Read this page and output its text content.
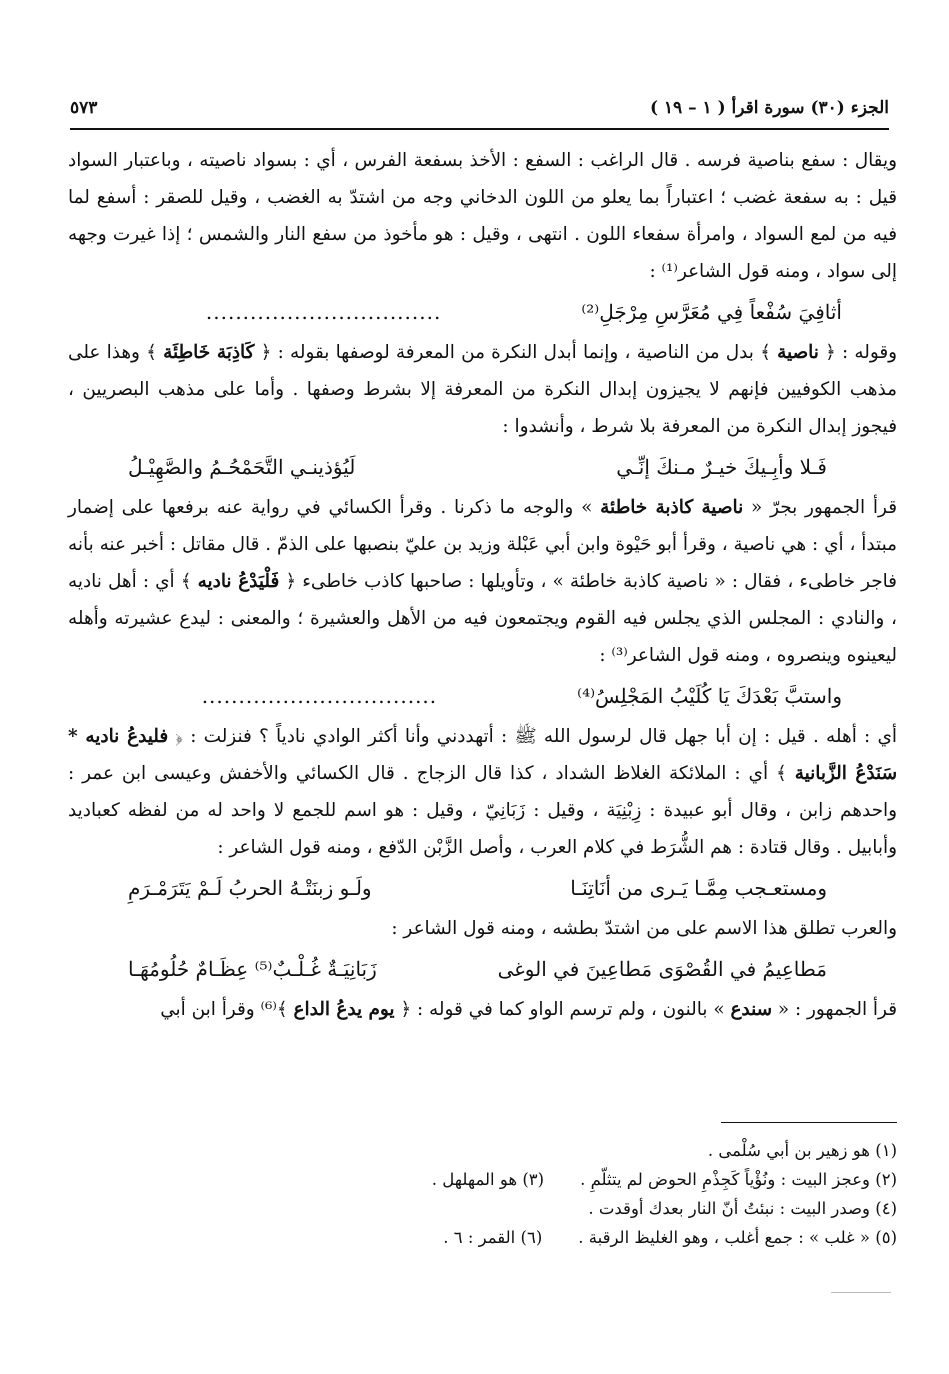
الجزء (٣٠) سورة اقرأ ( ١ – ١٩ )
٥٧٣

ويقال : سفع بناصية فرسه . قال الراغب : السفع : الأخذ بسفعة الفرس ، أي : بسواد ناصيته ، وباعتبار السواد قيل : به سفعة غضب ؛ اعتباراً بما يعلو من اللون الدخاني وجه من اشتدّ به الغضب ، وقيل للصقر : أسفع لما فيه من لمع السواد ، وامرأة سفعاء اللون . انتهى ، وقيل : هو مأخوذ من سفع النار والشمس ؛ إذا غيرت وجهه إلى سواد ، ومنه قول الشاعر⁽¹⁾ :

أثافِيَ سُفْعاً فِي مُعَرَّسِ مِرْجَلِ⁽²⁾
................................

وقوله : ﴿ ناصية ﴾ بدل من الناصية ، وإنما أبدل النكرة من المعرفة لوصفها بقوله : ﴿ كَاذِبَة خَاطِئَة ﴾ وهذا على مذهب الكوفيين فإنهم لا يجيزون إبدال النكرة من المعرفة إلا بشرط وصفها . وأما على مذهب البصريين ، فيجوز إبدال النكرة من المعرفة بلا شرط ، وأنشدوا :

فَـلا وأبِـيكَ خيـرٌ مـنكَ إنِّـي
لَيُؤذينـي التَّحَمْحُـمُ والصَّهِيْـلُ

قرأ الجمهور بجرّ « ناصية كاذبة خاطئة » والوجه ما ذكرنا . وقرأ الكسائي في رواية عنه برفعها على إضمار مبتدأ ، أي : هي ناصية ، وقرأ أبو حَيْوة وابن أبي عَبْلة وزيد بن عليّ بنصبها على الذمّ . قال مقاتل : أخبر عنه بأنه فاجر خاطىء ، فقال : « ناصية كاذبة خاطئة » ، وتأويلها : صاحبها كاذب خاطىء ﴿ فَلْيَدْعُ ناديه ﴾ أي : أهل ناديه ، والنادي : المجلس الذي يجلس فيه القوم ويجتمعون فيه من الأهل والعشيرة ؛ والمعنى : ليدع عشيرته وأهله ليعينوه وينصروه ، ومنه قول الشاعر⁽³⁾ :

واستبَّ بَعْدَكَ يَا كُلَيْبُ المَجْلِسُ⁽⁴⁾
................................

أي : أهله . قيل : إن أبا جهل قال لرسول الله ﷺ : أتهددني وأنا أكثر الوادي نادياً ؟ فنزلت : ﴿ فليدعُ ناديه * سَنَدْعُ الزَّبانية ﴾ أي : الملائكة الغلاظ الشداد ، كذا قال الزجاج . قال الكسائي والأخفش وعيسى ابن عمر : واحدهم زابن ، وقال أبو عبيدة : زِبْنِيَة ، وقيل : زَبَانِيّ ، وقيل : هو اسم للجمع لا واحد له من لفظه كعباديد وأبابيل . وقال قتادة : هم الشُّرَط في كلام العرب ، وأصل الزَّبْن الدّفع ، ومنه قول الشاعر :

ومستعـجب مِمَّـا يَـرى من أنَاتِنَـا
ولَـو زبنَتْـهُ الحربُ لَـمْ يَتَرَمْـرَمِ

والعرب تطلق هذا الاسم على من اشتدّ بطشه ، ومنه قول الشاعر :

مَطاعِيمُ في القُصْوَى مَطاعِينَ في الوغى
زَبَانِيَـةٌ غُـلْـبٌ⁽⁵⁾ عِظَـامٌ حُلُومُهَـا

قرأ الجمهور : « سندع » بالنون ، ولم ترسم الواو كما في قوله : ﴿ يوم يدعُ الداع ﴾⁽⁶⁾ وقرأ ابن أبي

(١) هو زهير بن أبي سُلْمى .
(٢) وعجز البيت : ونُؤْياً كَجِذْمِ الحوض لم يتثلّمِ .
(٣) هو المهلهل .
(٤) وصدر البيت : نبئتُ أنّ النار بعدك أوقدت .
(٥) « غلب » : جمع أغلب ، وهو الغليظ الرقبة .
(٦) القمر : ٦ .
